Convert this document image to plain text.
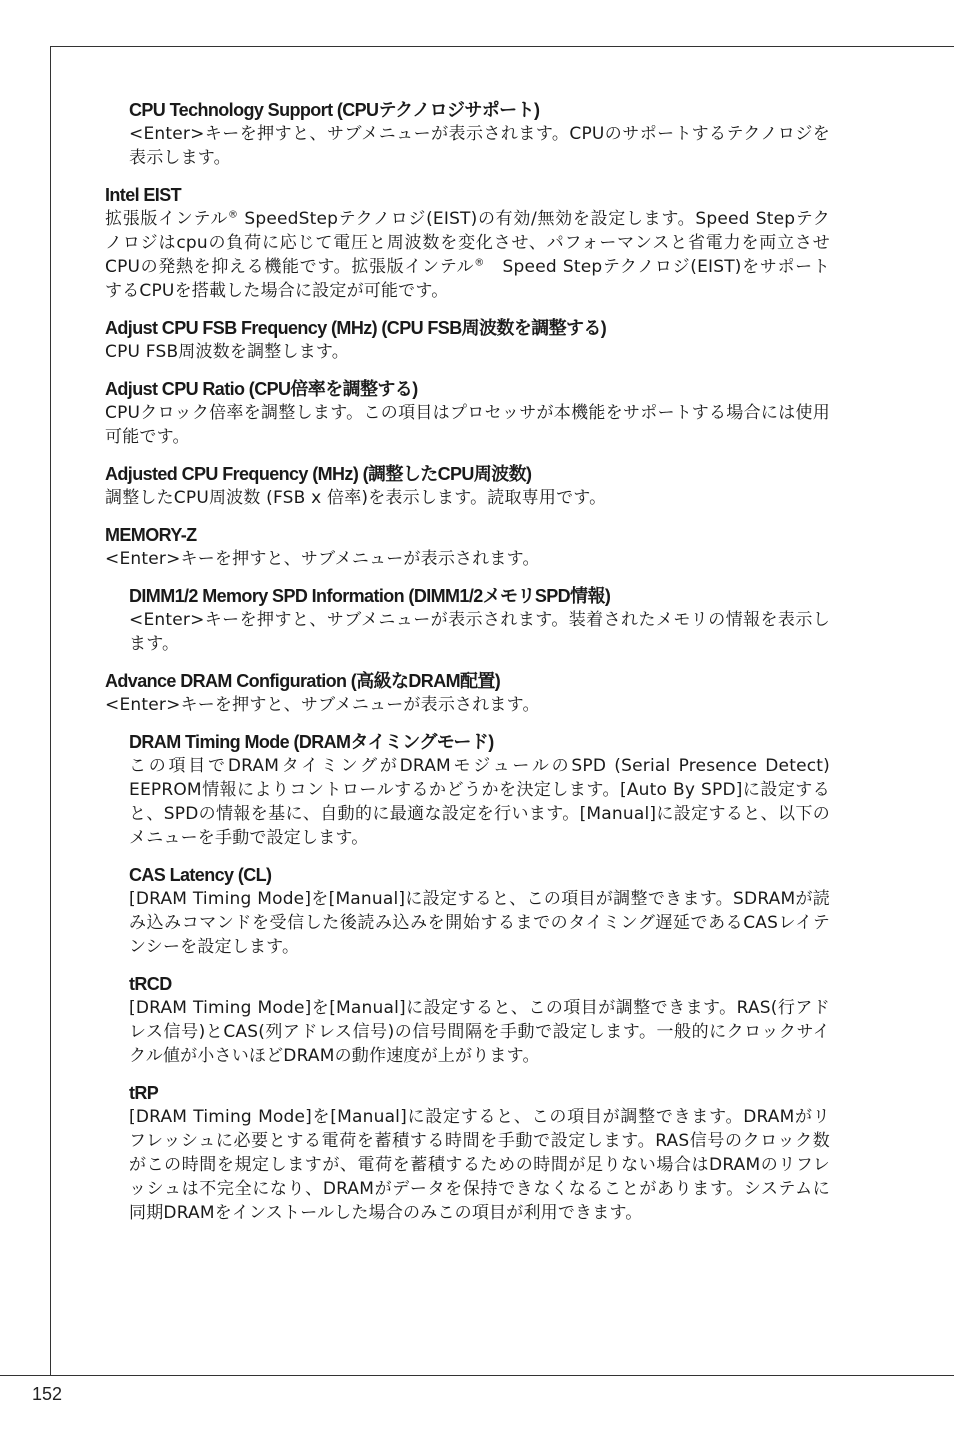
CPU Technology Support (CPUテクノロジサポート)

<Enter>キーを押すと、サブメニューが表示されます。CPUのサポートするテクノロジを表示します。

Intel EIST

拡張版インテル® SpeedStepテクノロジ(EIST)の有効/無効を設定します。Speed Stepテクノロジはcpuの負荷に応じて電圧と周波数を変化させ、パフォーマンスと省電力を両立させCPUの発熱を抑える機能です。拡張版インテル®　Speed Stepテクノロジ(EIST)をサポートするCPUを搭載した場合に設定が可能です。

Adjust CPU FSB Frequency (MHz) (CPU FSB周波数を調整する)

CPU FSB周波数を調整します。

Adjust CPU Ratio (CPU倍率を調整する)

CPUクロック倍率を調整します。この項目はプロセッサが本機能をサポートする場合には使用可能です。

Adjusted CPU Frequency (MHz) (調整したCPU周波数)

調整したCPU周波数 (FSB x 倍率)を表示します。読取専用です。

MEMORY-Z

<Enter>キーを押すと、サブメニューが表示されます。

DIMM1/2 Memory SPD Information (DIMM1/2メモリSPD情報)

<Enter>キーを押すと、サブメニューが表示されます。装着されたメモリの情報を表示します。

Advance DRAM Configuration (高級なDRAM配置)

<Enter>キーを押すと、サブメニューが表示されます。

DRAM Timing Mode (DRAMタイミングモード)

この項目でDRAMタイミングがDRAMモジュールのSPD (Serial Presence Detect) EEPROM情報によりコントロールするかどうかを決定します。[Auto By SPD]に設定すると、SPDの情報を基に、自動的に最適な設定を行います。[Manual]に設定すると、以下のメニューを手動で設定します。

CAS Latency (CL)

[DRAM Timing Mode]を[Manual]に設定すると、この項目が調整できます。SDRAMが読み込みコマンドを受信した後読み込みを開始するまでのタイミング遅延であるCASレイテンシーを設定します。

tRCD

[DRAM Timing Mode]を[Manual]に設定すると、この項目が調整できます。RAS(行アドレス信号)とCAS(列アドレス信号)の信号間隔を手動で設定します。一般的にクロックサイクル値が小さいほどDRAMの動作速度が上がります。

tRP

[DRAM Timing Mode]を[Manual]に設定すると、この項目が調整できます。DRAMがリフレッシュに必要とする電荷を蓄積する時間を手動で設定します。RAS信号のクロック数がこの時間を規定しますが、電荷を蓄積するための時間が足りない場合はDRAMのリフレッシュは不完全になり、DRAMがデータを保持できなくなることがあります。システムに同期DRAMをインストールした場合のみこの項目が利用できます。

152
